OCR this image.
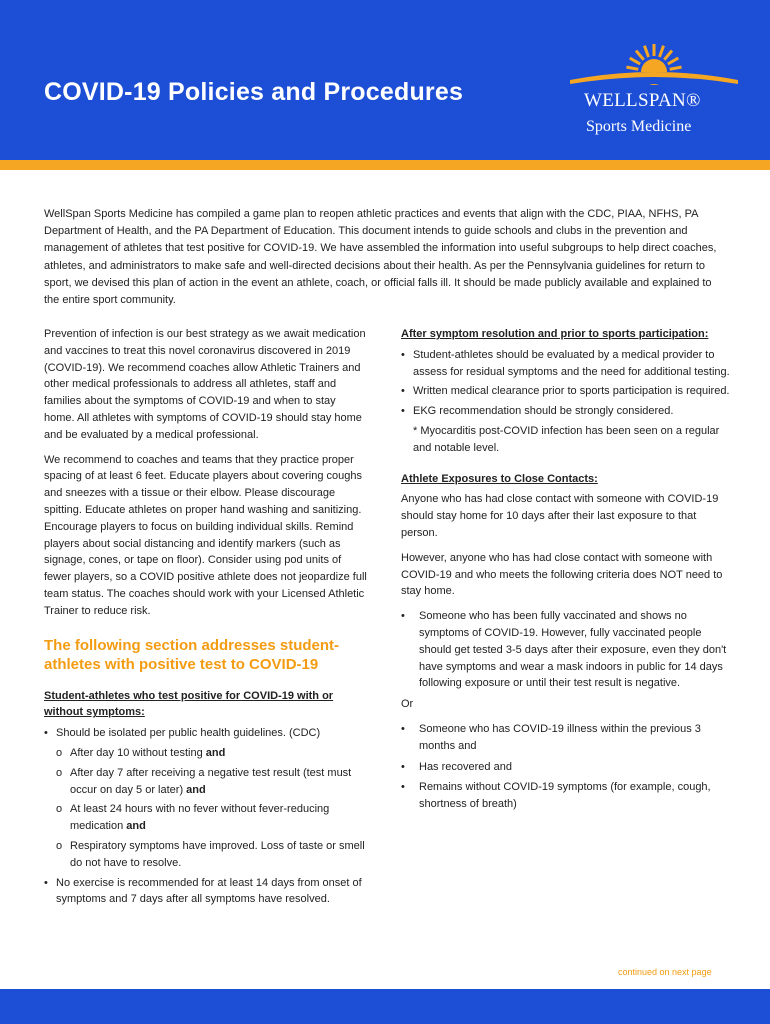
COVID-19 Policies and Procedures	WELLSPAN®
Sports Medicine

WellSpan Sports Medicine has compiled a game plan to reopen athletic practices and events that align with the CDC, PIAA, NFHS, PA Department of Health, and the PA Department of Education. This document intends to guide schools and clubs in the prevention and management of athletes that test positive for COVID-19. We have assembled the information into useful subgroups to help direct coaches, athletes, and administrators to make safe and well-directed decisions about their health. As per the Pennsylvania guidelines for return to sport, we devised this plan of action in the event an athlete, coach, or official falls ill. It should be made publicly available and explained to the entire sport community.

Prevention of infection is our best strategy as we await medication and vaccines to treat this novel coronavirus discovered in 2019 (COVID-19). We recommend coaches allow Athletic Trainers and other medical professionals to address all athletes, staff and families about the symptoms of COVID-19 and when to stay home. All athletes with symptoms of COVID-19 should stay home and be evaluated by a medical professional.

We recommend to coaches and teams that they practice proper spacing of at least 6 feet. Educate players about covering coughs and sneezes with a tissue or their elbow. Please discourage spitting. Educate athletes on proper hand washing and sanitizing. Encourage players to focus on building individual skills. Remind players about social distancing and identify markers (such as signage, cones, or tape on floor). Consider using pod units of fewer players, so a COVID positive athlete does not jeopardize full team status. The coaches should work with your Licensed Athletic Trainer to reduce risk.

The following section addresses student-athletes with positive test to COVID-19
Student-athletes who test positive for COVID-19 with or without symptoms:
• Should be isolated per public health guidelines. (CDC)
o After day 10 without testing and
o After day 7 after receiving a negative test result (test must occur on day 5 or later) and
o At least 24 hours with no fever without fever-reducing medication and
o Respiratory symptoms have improved. Loss of taste or smell do not have to resolve.
• No exercise is recommended for at least 14 days from onset of symptoms and 7 days after all symptoms have resolved.
After symptom resolution and prior to sports participation:
• Student-athletes should be evaluated by a medical provider to assess for residual symptoms and the need for additional testing.
• Written medical clearance prior to sports participation is required.
• EKG recommendation should be strongly considered.
* Myocarditis post-COVID infection has been seen on a regular and notable level.
Athlete Exposures to Close Contacts:

Anyone who has had close contact with someone with COVID-19 should stay home for 10 days after their last exposure to that person.

However, anyone who has had close contact with someone with COVID-19 and who meets the following criteria does NOT need to stay home.

• Someone who has been fully vaccinated and shows no symptoms of COVID-19. However, fully vaccinated people should get tested 3-5 days after their exposure, even they don't have symptoms and wear a mask indoors in public for 14 days following exposure or until their test result is negative.
Or
• Someone who has COVID-19 illness within the previous 3 months and
• Has recovered and
• Remains without COVID-19 symptoms (for example, cough, shortness of breath)
continued on next page
